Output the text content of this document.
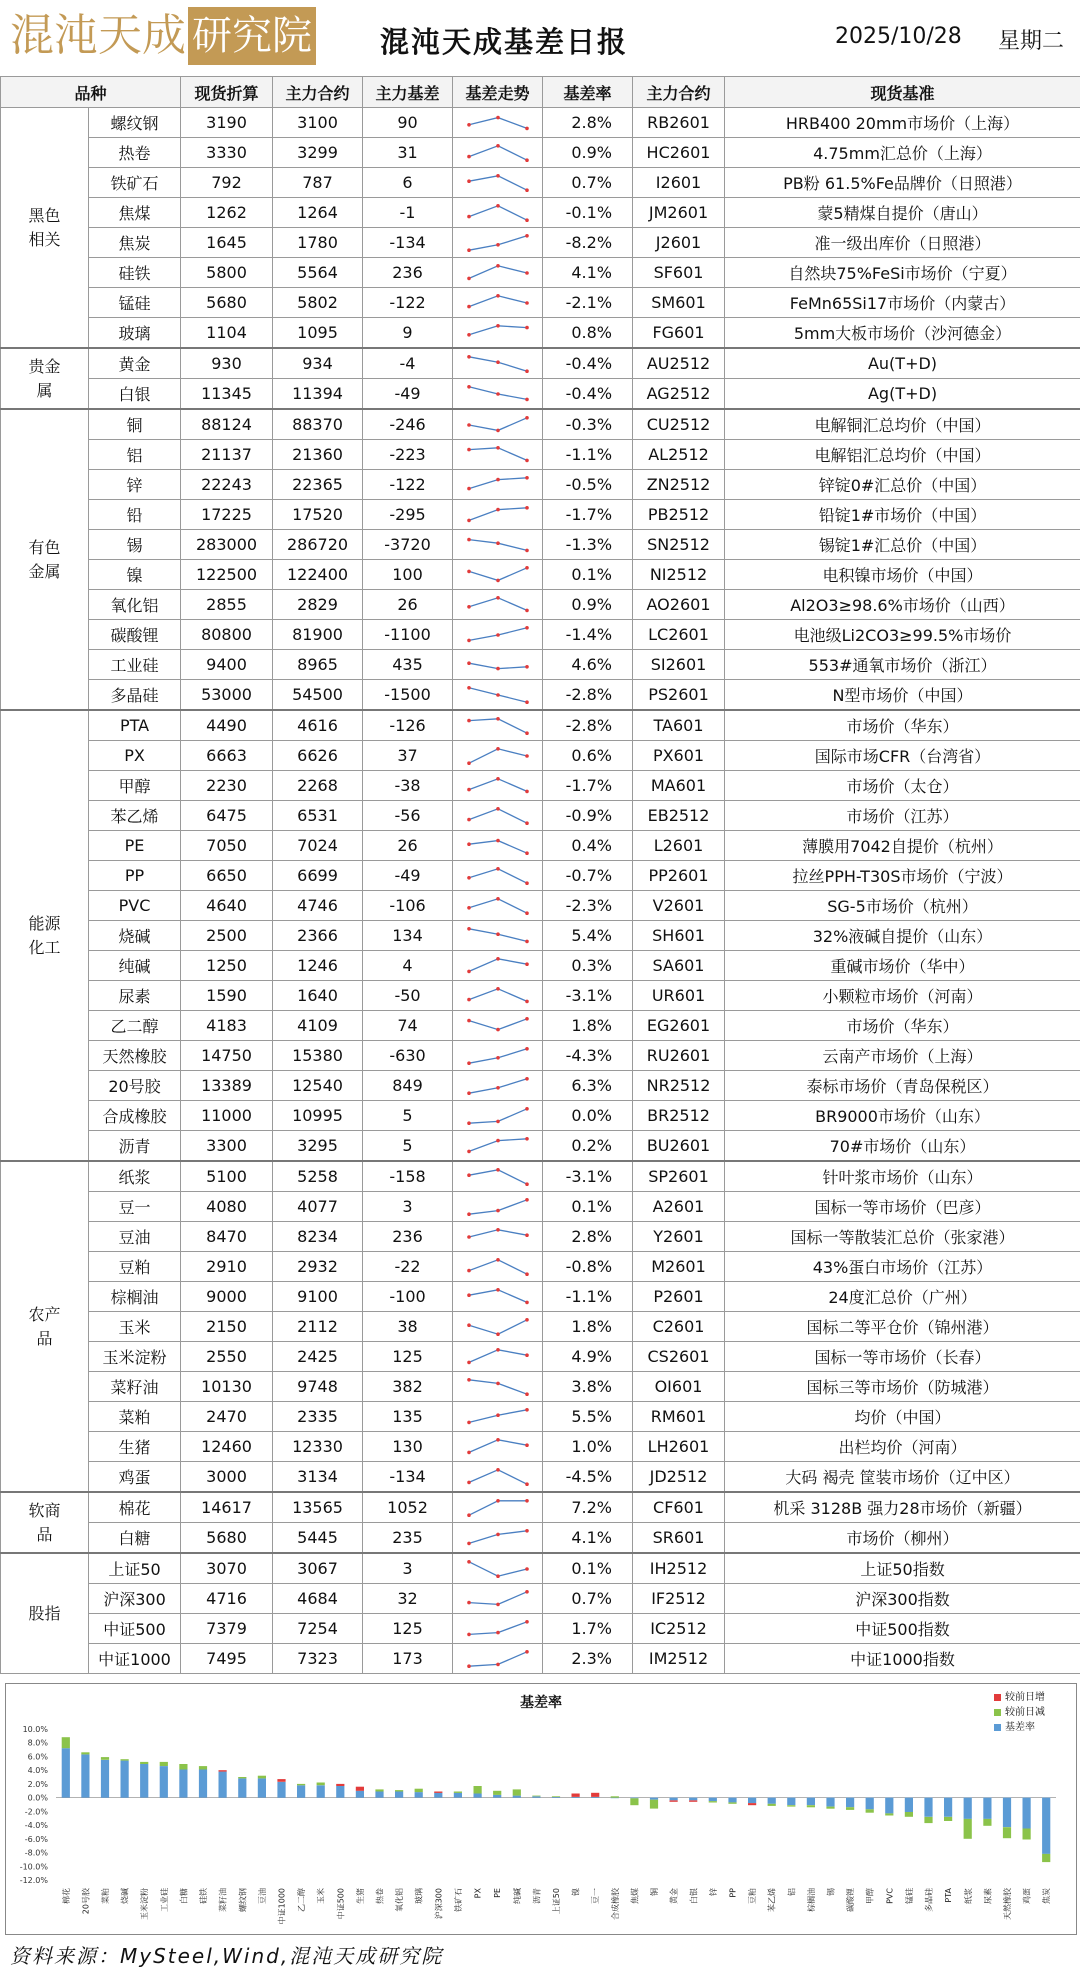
混沌天成 研究院 混沌天成基差日报	2025/10/28 星期二
品种		现货折算	主力合约	主力基差	基差走势	基差率	主力合约	现货基准
黑色
相关	螺纹钢	3190	3100	90		2.8%	RB2601	HRB400 20mm市场价（上海）
	热卷	3330	3299	31		0.9%	HC2601	4.75mm汇总价（上海）
	铁矿石	792	787	6		0.7%	I2601	PB粉 61.5%Fe品牌价（日照港）
	焦煤	1262	1264	-1		-0.1%	JM2601	蒙5精煤自提价（唐山）
	焦炭	1645	1780	-134		-8.2%	J2601	准一级出库价（日照港）
	硅铁	5800	5564	236		4.1%	SF601	自然块75%FeSi市场价（宁夏）
	锰硅	5680	5802	-122		-2.1%	SM601	FeMn65Si17市场价（内蒙古）
	玻璃	1104	1095	9		0.8%	FG601	5mm大板市场价（沙河德金）
贵金属	黄金	930	934	-4		-0.4%	AU2512	Au(T+D)
	白银	11345	11394	-49		-0.4%	AG2512	Ag(T+D)
有色
金属	铜	88124	88370	-246		-0.3%	CU2512	电解铜汇总均价（中国）
	铝	21137	21360	-223		-1.1%	AL2512	电解铝汇总均价（中国）
	锌	22243	22365	-122		-0.5%	ZN2512	锌锭0#汇总价（中国）
	铅	17225	17520	-295		-1.7%	PB2512	铅锭1#市场价（中国）
	锡	283000	286720	-3720		-1.3%	SN2512	锡锭1#汇总价（中国）
	镍	122500	122400	100		0.1%	NI2512	电积镍市场价（中国）
	氧化铝	2855	2829	26		0.9%	AO2601	Al2O3≥98.6%市场价（山西）
	碳酸锂	80800	81900	-1100		-1.4%	LC2601	电池级Li2CO3≥99.5%市场价
	工业硅	9400	8965	435		4.6%	SI2601	553#通氧市场价（浙江）
	多晶硅	53000	54500	-1500		-2.8%	PS2601	N型市场价（中国）
能源
化工	PTA	4490	4616	-126		-2.8%	TA601	市场价（华东）
	PX	6663	6626	37		0.6%	PX601	国际市场CFR（台湾省）
	甲醇	2230	2268	-38		-1.7%	MA601	市场价（太仓）
	苯乙烯	6475	6531	-56		-0.9%	EB2512	市场价（江苏）
	PE	7050	7024	26		0.4%	L2601	薄膜用7042自提价（杭州）
	PP	6650	6699	-49		-0.7%	PP2601	拉丝PPH-T30S市场价（宁波）
	PVC	4640	4746	-106		-2.3%	V2601	SG-5市场价（杭州）
	烧碱	2500	2366	134		5.4%	SH601	32%液碱自提价（山东）
	纯碱	1250	1246	4		0.3%	SA601	重碱市场价（华中）
	尿素	1590	1640	-50		-3.1%	UR601	小颗粒市场价（河南）
	乙二醇	4183	4109	74		1.8%	EG2601	市场价（华东）
	天然橡胶	14750	15380	-630		-4.3%	RU2601	云南产市场价（上海）
	20号胶	13389	12540	849		6.3%	NR2512	泰标市场价（青岛保税区）
	合成橡胶	11000	10995	5		0.0%	BR2512	BR9000市场价（山东）
	沥青	3300	3295	5		0.2%	BU2601	70#市场价（山东）
农产品	纸浆	5100	5258	-158		-3.1%	SP2601	针叶浆市场价（山东）
	豆一	4080	4077	3		0.1%	A2601	国标一等市场价（巴彦）
	豆油	8470	8234	236		2.8%	Y2601	国标一等散装汇总价（张家港）
	豆粕	2910	2932	-22		-0.8%	M2601	43%蛋白市场价（江苏）
	棕榈油	9000	9100	-100		-1.1%	P2601	24度汇总价（广州）
	玉米	2150	2112	38		1.8%	C2601	国标二等平仓价（锦州港）
	玉米淀粉	2550	2425	125		4.9%	CS2601	国标一等市场价（长春）
	菜籽油	10130	9748	382		3.8%	OI601	国标三等市场价（防城港）
	菜粕	2470	2335	135		5.5%	RM601	均价（中国）
	生猪	12460	12330	130		1.0%	LH2601	出栏均价（河南）
	鸡蛋	3000	3134	-134		-4.5%	JD2512	大码 褐壳 筐装市场价（辽中区）
软商品	棉花	14617	13565	1052		7.2%	CF601	机采 3128B 强力28市场价（新疆）
	白糖	5680	5445	235		4.1%	SR601	市场价（柳州）
股指	上证50	3070	3067	3		0.1%	IH2512	上证50指数
	沪深300	4716	4684	32		0.7%	IF2512	沪深300指数
	中证500	7379	7254	125		1.7%	IC2512	中证500指数
	中证1000	7495	7323	173		2.3%	IM2512	中证1000指数
基差率	较前日增
较前日减
基差率
10.0%
8.0%
6.0%
4.0%
2.0%
0.0%
-2.0%
-4.0%
-6.0%
-8.0%
-10.0%
-12.0%
棉花 20号胶 菜粕 烧碱 玉米淀粉 工业硅 白糖 硅铁 菜籽油 螺纹钢 豆油 中证1000 乙二醇 玉米 中证500 生猪 热卷 氧化铝 玻璃 沪深300 铁矿石 PX PE 纯碱 沥青 上证50 镍 豆一 合成橡胶 焦煤 铜 黄金 白银 锌 PP 豆粕 苯乙烯 铝 棕榈油 锡 碳酸锂 甲醇 PVC 锰硅 多晶硅 PTA 纸浆 尿素 天然橡胶 鸡蛋 焦炭
资料来源：MySteel,Wind,混沌天成研究院
